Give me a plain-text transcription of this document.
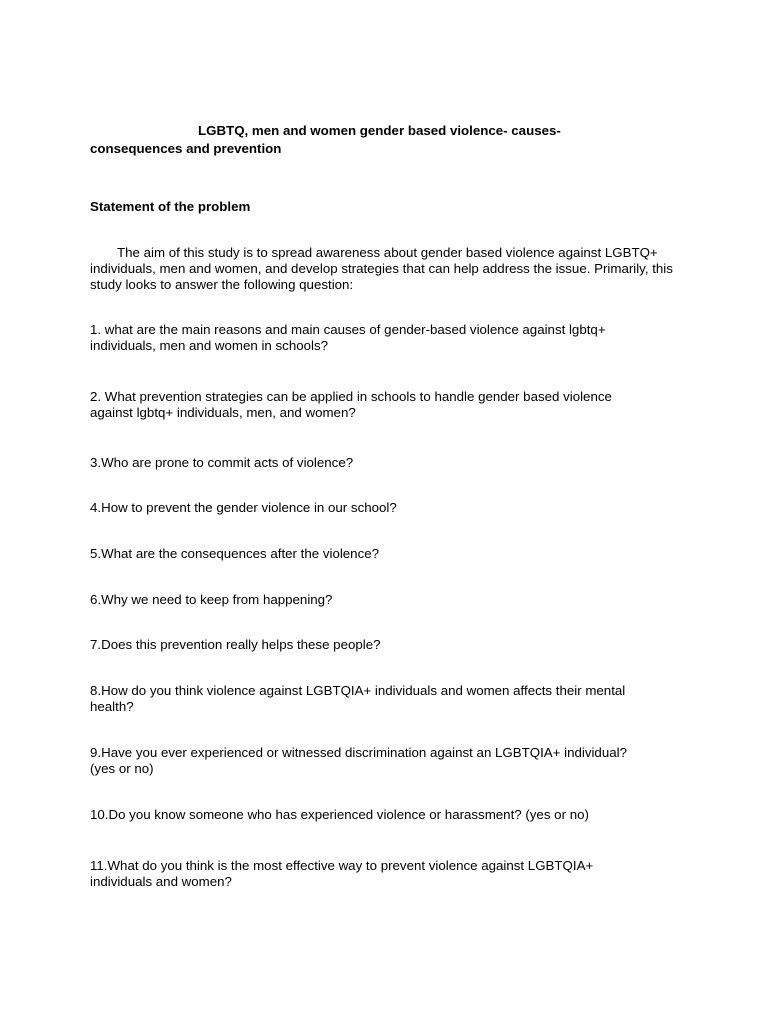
LGBTQ, men and women gender based violence- causes-

consequences and prevention

Statement of the problem

The aim of this study is to spread awareness about gender based violence against LGBTQ+ individuals, men and women, and develop strategies that can help address the issue. Primarily, this study looks to answer the following question:

1. what are the main reasons and main causes of gender-based violence against lgbtq+ individuals, men and women in schools?

2. What prevention strategies can be applied in schools to handle gender based violence against lgbtq+ individuals, men, and women?

3.Who are prone to commit acts of violence?

4.How to prevent the gender violence in our school?

5.What are the consequences after the violence?

6.Why we need to keep from happening?

7.Does this prevention really helps these people?

8.How do you think violence against LGBTQIA+ individuals and women affects their mental health?

9.Have you ever experienced or witnessed discrimination against an LGBTQIA+ individual? (yes or no)

10.Do you know someone who has experienced violence or harassment? (yes or no)

11.What do you think is the most effective way to prevent violence against LGBTQIA+ individuals and women?
